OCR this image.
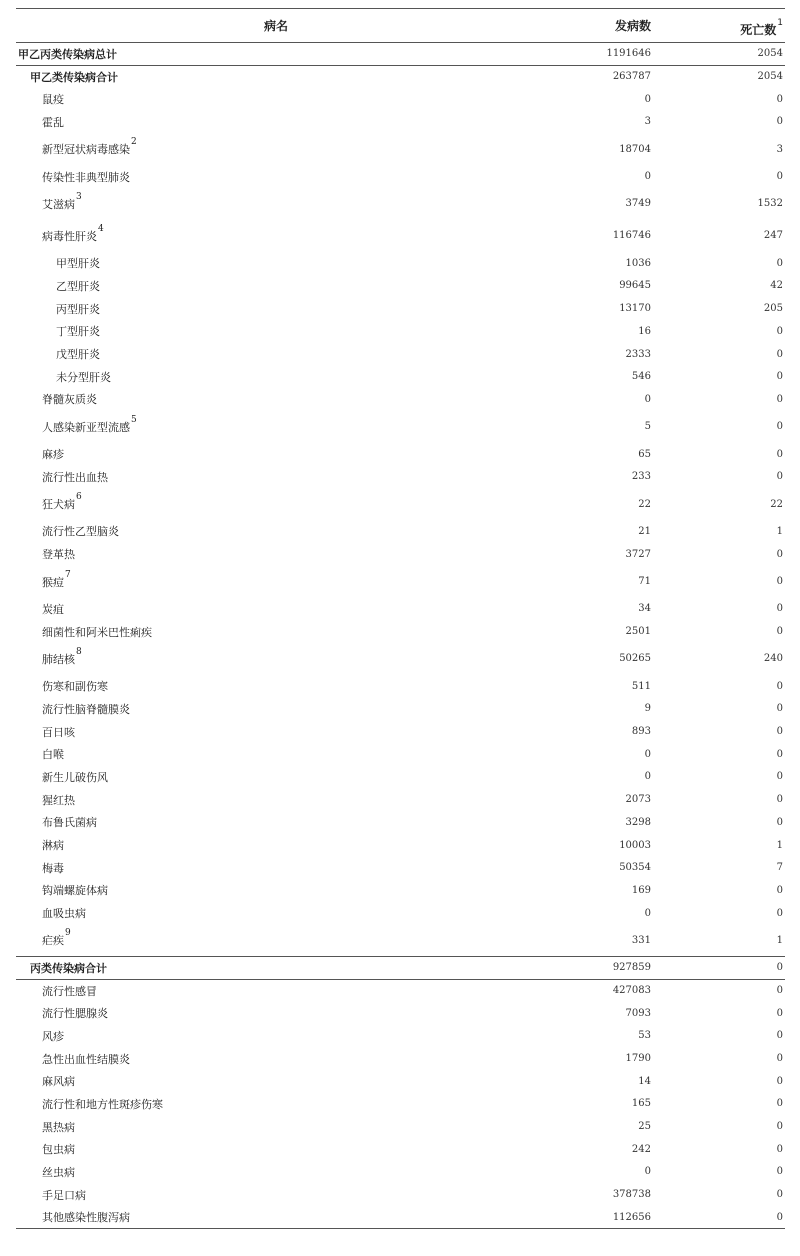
病名	发病数	死亡数$^1$
甲乙丙类传染病总计	1191646	2054
甲乙类传染病合计	263787	2054
鼠疫	0	0
霍乱	3	0
新型冠状病毒感染$^2$	18704	3
传染性非典型肺炎	0	0
艾滋病$^3$	3749	1532
病毒性肝炎$^4$	116746	247
甲型肝炎	1036	0
乙型肝炎	99645	42
丙型肝炎	13170	205
丁型肝炎	16	0
戊型肝炎	2333	0
未分型肝炎	546	0
脊髓灰质炎	0	0
人感染新亚型流感$^5$	5	0
麻疹	65	0
流行性出血热	233	0
狂犬病$^6$	22	22
流行性乙型脑炎	21	1
登革热	3727	0
猴痘$^7$	71	0
炭疽	34	0
细菌性和阿米巴性痢疾	2501	0
肺结核$^8$	50265	240
伤寒和副伤寒	511	0
流行性脑脊髓膜炎	9	0
百日咳	893	0
白喉	0	0
新生儿破伤风	0	0
猩红热	2073	0
布鲁氏菌病	3298	0
淋病	10003	1
梅毒	50354	7
钩端螺旋体病	169	0
血吸虫病	0	0
疟疾$^9$	331	1
丙类传染病合计	927859	0
流行性感冒	427083	0
流行性腮腺炎	7093	0
风疹	53	0
急性出血性结膜炎	1790	0
麻风病	14	0
流行性和地方性斑疹伤寒	165	0
黑热病	25	0
包虫病	242	0
丝虫病	0	0
手足口病	378738	0
其他感染性腹泻病	112656	0
